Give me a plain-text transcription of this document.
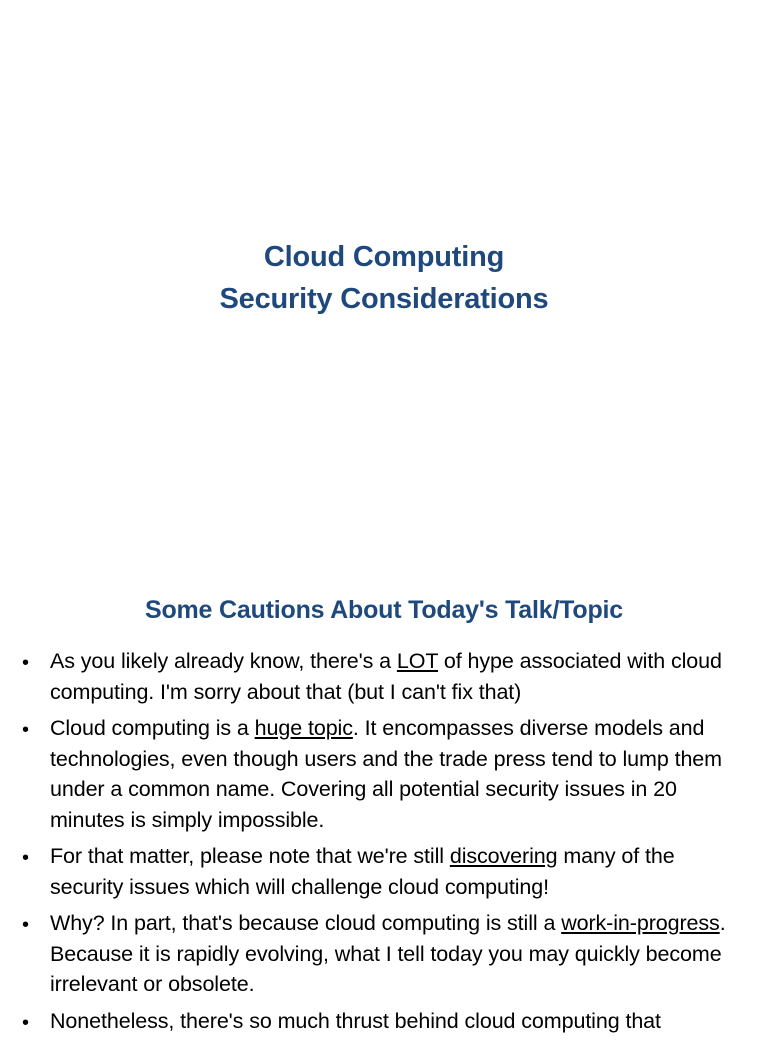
Cloud Computing
Security Considerations
Some Cautions About Today's Talk/Topic
• As you likely already know, there's a LOT of hype associated with cloud computing. I'm sorry about that (but I can't fix that)
• Cloud computing is a huge topic. It encompasses diverse models and technologies, even though users and the trade press tend to lump them under a common name. Covering all potential security issues in 20 minutes is simply impossible.
• For that matter, please note that we're still discovering many of the security issues which will challenge cloud computing!
• Why? In part, that's because cloud computing is still a work-in-progress. Because it is rapidly evolving, what I tell today you may quickly become irrelevant or obsolete.
• Nonetheless, there's so much thrust behind cloud computing that
